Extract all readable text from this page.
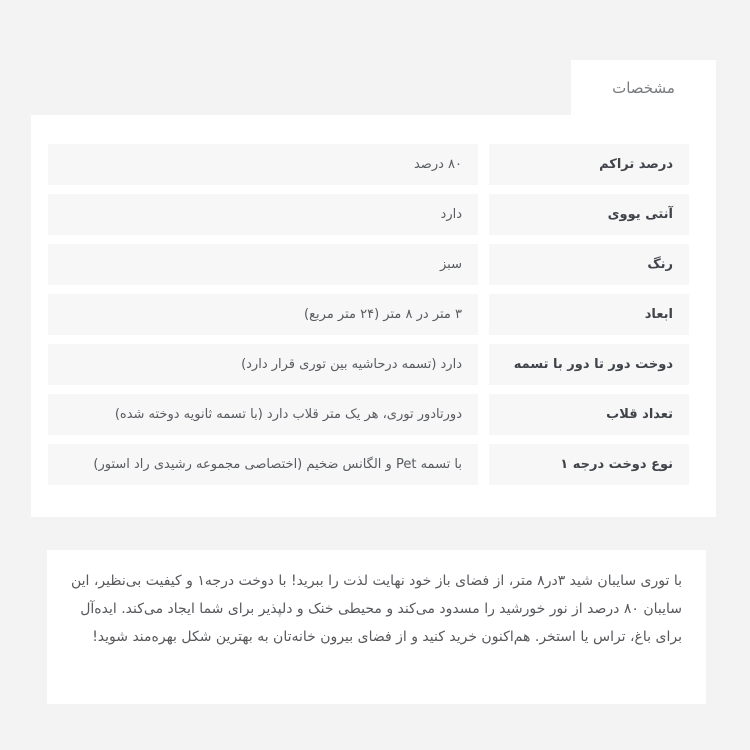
مشخصات
درصد تراکم
۸۰ درصد
آنتی یووی
دارد
رنگ
سبز
ابعاد
۳ متر در ۸ متر (۲۴ متر مربع)
دوخت دور تا دور با تسمه
دارد (تسمه درحاشیه بین توری قرار دارد)
تعداد قلاب
دورتادور توری، هر یک متر قلاب دارد (با تسمه ثانویه دوخته شده)
نوع دوخت درجه ۱
با تسمه Pet و الگانس ضخیم (اختصاصی مجموعه رشیدی راد استور)

با توری سایبان شید ۳در۸ متر، از فضای باز خود نهایت لذت را ببرید! با دوخت درجه۱ و کیفیت بی‌نظیر، این سایبان ۸۰ درصد از نور خورشید را مسدود می‌کند و محیطی خنک و دلپذیر برای شما ایجاد می‌کند. ایده‌آل برای باغ، تراس یا استخر. هم‌اکنون خرید کنید و از فضای بیرون خانه‌تان به بهترین شکل بهره‌مند شوید!
